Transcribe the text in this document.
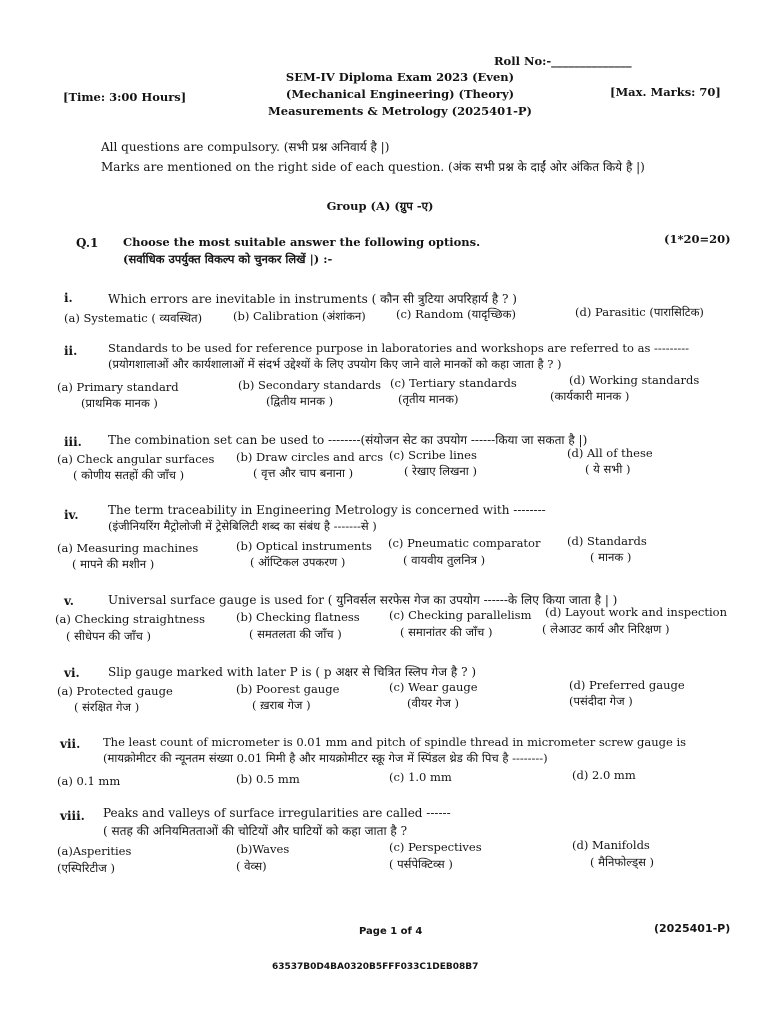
Roll No:-______________
SEM-IV Diploma Exam 2023 (Even)
[Time: 3:00 Hours]	(Mechanical Engineering) (Theory)	[Max. Marks: 70]
Measurements & Metrology (2025401-P)
All questions are compulsory. (सभी प्रश्न अनिवार्य है |)
Marks are mentioned on the right side of each question. (अंक सभी प्रश्न के दाईं ओर अंकित किये है |)
Group (A) (ग्रुप -ए)
Q.1 Choose the most suitable answer the following options.
(सर्वाधिक उपर्युक्त विकल्प को चुनकर लिखें |) :-
(1*20=20)
i.	Which errors are inevitable in instruments ( कौन सी त्रुटिया अपरिहार्य है ? )
(a) Systematic ( व्यवस्थित)	(b) Calibration (अंशांकन)	(c) Random (यादृच्छिक)	(d) Parasitic (पारासिटिक)
ii.	Standards to be used for reference purpose in laboratories and workshops are referred to as ---------
(प्रयोगशालाओं और कार्यशालाओं में संदर्भ उद्देश्यों के लिए उपयोग किए जाने वाले मानकों को कहा जाता है ? )
(a) Primary standard
(प्राथमिक मानक )
(b) Secondary standards
(द्वितीय मानक )
(c) Tertiary standards
(तृतीय मानक)
(d) Working standards
(कार्यकारी मानक )
iii. The combination set can be used to --------(संयोजन सेट का उपयोग ------किया जा सकता है |)
(a) Check angular surfaces
( कोणीय सतहों की जाँच )
(b) Draw circles and arcs
( वृत्त और चाप बनाना )
(c) Scribe lines
( रेखाए लिखना )
(d) All of these
( ये सभी )
iv. The term traceability in Engineering Metrology is concerned with --------
(इंजीनियरिंग मैट्रोलोजी में ट्रेसेबिलिटी शब्द का संबंध है -------से )
(a) Measuring machines
( मापने की मशीन )
(b) Optical instruments
( ऑप्टिकल उपकरण )
(c) Pneumatic comparator
( वायवीय तुलनित्र )
(d) Standards
( मानक )
v.	Universal surface gauge is used for ( युनिवर्सल सरफेस गेज का उपयोग ------के लिए किया जाता है | )
(a) Checking straightness
( सीधेपन की जाँच )
(b) Checking flatness
( समतलता की जाँच )
(c) Checking parallelism
( समानांतर की जाँच )
(d) Layout work and inspection
( लेआउट कार्य और निरिक्षण )
vi. Slip gauge marked with later P is ( p अक्षर से चित्रित स्लिप गेज है ? )
(a) Protected gauge
( संरक्षित गेज )
(b) Poorest gauge
( ख़राब गेज )
(c) Wear gauge
(वीयर गेज )
(d) Preferred gauge
(पसंदीदा गेज )
vii. The least count of micrometer is 0.01 mm and pitch of spindle thread in micrometer screw gauge is
(मायक्रोमीटर की न्यूनतम संख्या 0.01 मिमी है और मायक्रोमीटर स्क्रू गेज में स्पिंडल थ्रेड की पिच है --------)
(a) 0.1 mm	(b) 0.5 mm	(c) 1.0 mm	(d) 2.0 mm
viii. Peaks and valleys of surface irregularities are called ------
( सतह की अनियमितताओं की चोटियों और घाटियों को कहा जाता है ?
(a)Asperities
(एस्पिरिटीज )
(b)Waves
( वेव्स)
(c) Perspectives
( पर्सपेक्टिव्स )
(d) Manifolds
( मैनिफोल्ड्स )
Page 1 of 4	(2025401-P)
63537B0D4BA0320B5FFF033C1DEB08B7
